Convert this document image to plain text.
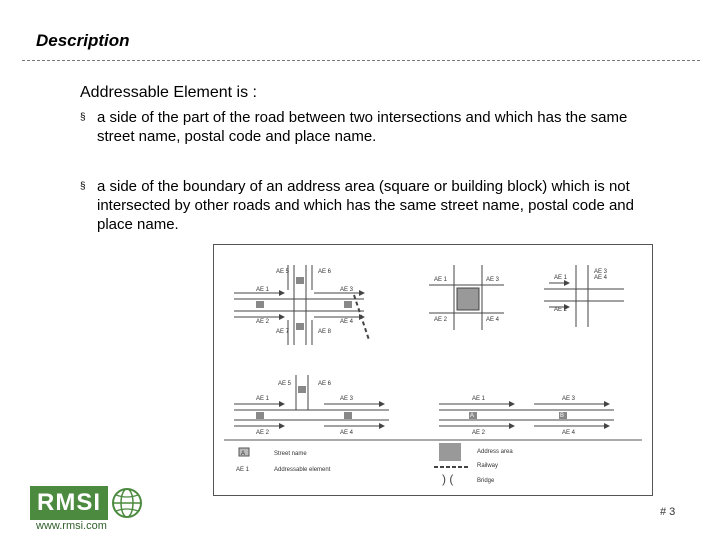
Description
Addressable Element is :
§ a side of the part of the road between two intersections and which has the same street name, postal code and place name.
§ a side of the boundary of an address area (square or building block) which is not intersected by other roads and which has the same street name, postal code and place name.
AE 5	AE 6
AE 1	AE 3
AE 2	AE 4
AE 7	AE 8
AE 1	AE 3
AE 2	AE 4
AE 1	AE 4
AE 2
AE 3
AE 1	AE 3
AE 2	AE 4
AE 5	AE 6
AE 1	AE 3
AE 2	AE 4
A	B
A	Street name
AE 1	Addressable element
) (
Address area
Railway
Bridge
RMSI
www.rmsi.com
# 3
